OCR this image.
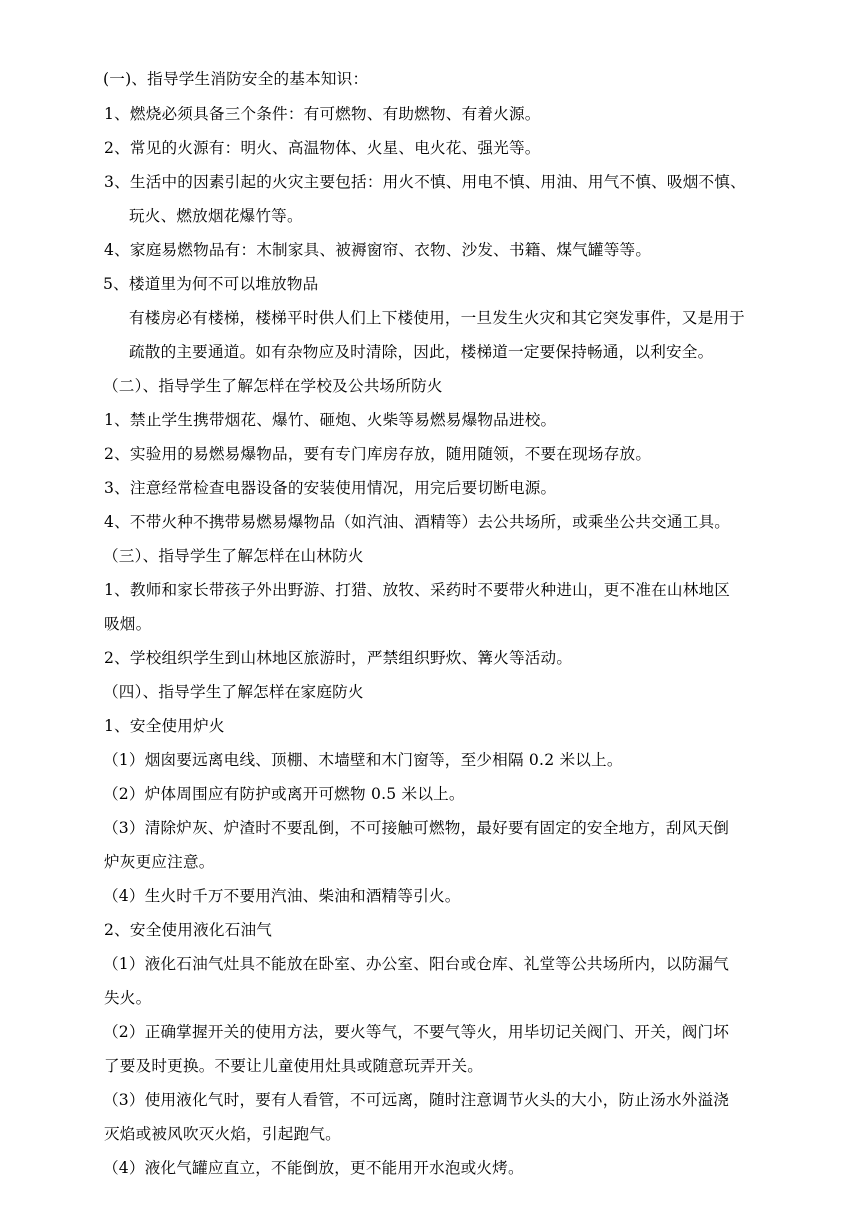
(一)、指导学生消防安全的基本知识：
1、燃烧必须具备三个条件：有可燃物、有助燃物、有着火源。
2、常见的火源有：明火、高温物体、火星、电火花、强光等。
3、生活中的因素引起的火灾主要包括：用火不慎、用电不慎、用油、用气不慎、吸烟不慎、
玩火、燃放烟花爆竹等。
4、家庭易燃物品有：木制家具、被褥窗帘、衣物、沙发、书籍、煤气罐等等。
5、楼道里为何不可以堆放物品
有楼房必有楼梯，楼梯平时供人们上下楼使用，一旦发生火灾和其它突发事件，又是用于
疏散的主要通道。如有杂物应及时清除，因此，楼梯道一定要保持畅通，以利安全。
（二）、指导学生了解怎样在学校及公共场所防火
1、禁止学生携带烟花、爆竹、砸炮、火柴等易燃易爆物品进校。
2、实验用的易燃易爆物品，要有专门库房存放，随用随领，不要在现场存放。
3、注意经常检查电器设备的安装使用情况，用完后要切断电源。
4、不带火种不携带易燃易爆物品（如汽油、酒精等）去公共场所，或乘坐公共交通工具。
（三）、指导学生了解怎样在山林防火
1、教师和家长带孩子外出野游、打猎、放牧、采药时不要带火种进山，更不准在山林地区
吸烟。
2、学校组织学生到山林地区旅游时，严禁组织野炊、篝火等活动。
（四）、指导学生了解怎样在家庭防火
1、安全使用炉火
（1）烟囱要远离电线、顶棚、木墙壁和木门窗等，至少相隔 0.2 米以上。
（2）炉体周围应有防护或离开可燃物 0.5 米以上。
（3）清除炉灰、炉渣时不要乱倒，不可接触可燃物，最好要有固定的安全地方，刮风天倒
炉灰更应注意。
（4）生火时千万不要用汽油、柴油和酒精等引火。
2、安全使用液化石油气
（1）液化石油气灶具不能放在卧室、办公室、阳台或仓库、礼堂等公共场所内，以防漏气
失火。
（2）正确掌握开关的使用方法，要火等气，不要气等火，用毕切记关阀门、开关，阀门坏
了要及时更换。不要让儿童使用灶具或随意玩弄开关。
（3）使用液化气时，要有人看管，不可远离，随时注意调节火头的大小，防止汤水外溢浇
灭焰或被风吹灭火焰，引起跑气。
（4）液化气罐应直立，不能倒放，更不能用开水泡或火烤。
